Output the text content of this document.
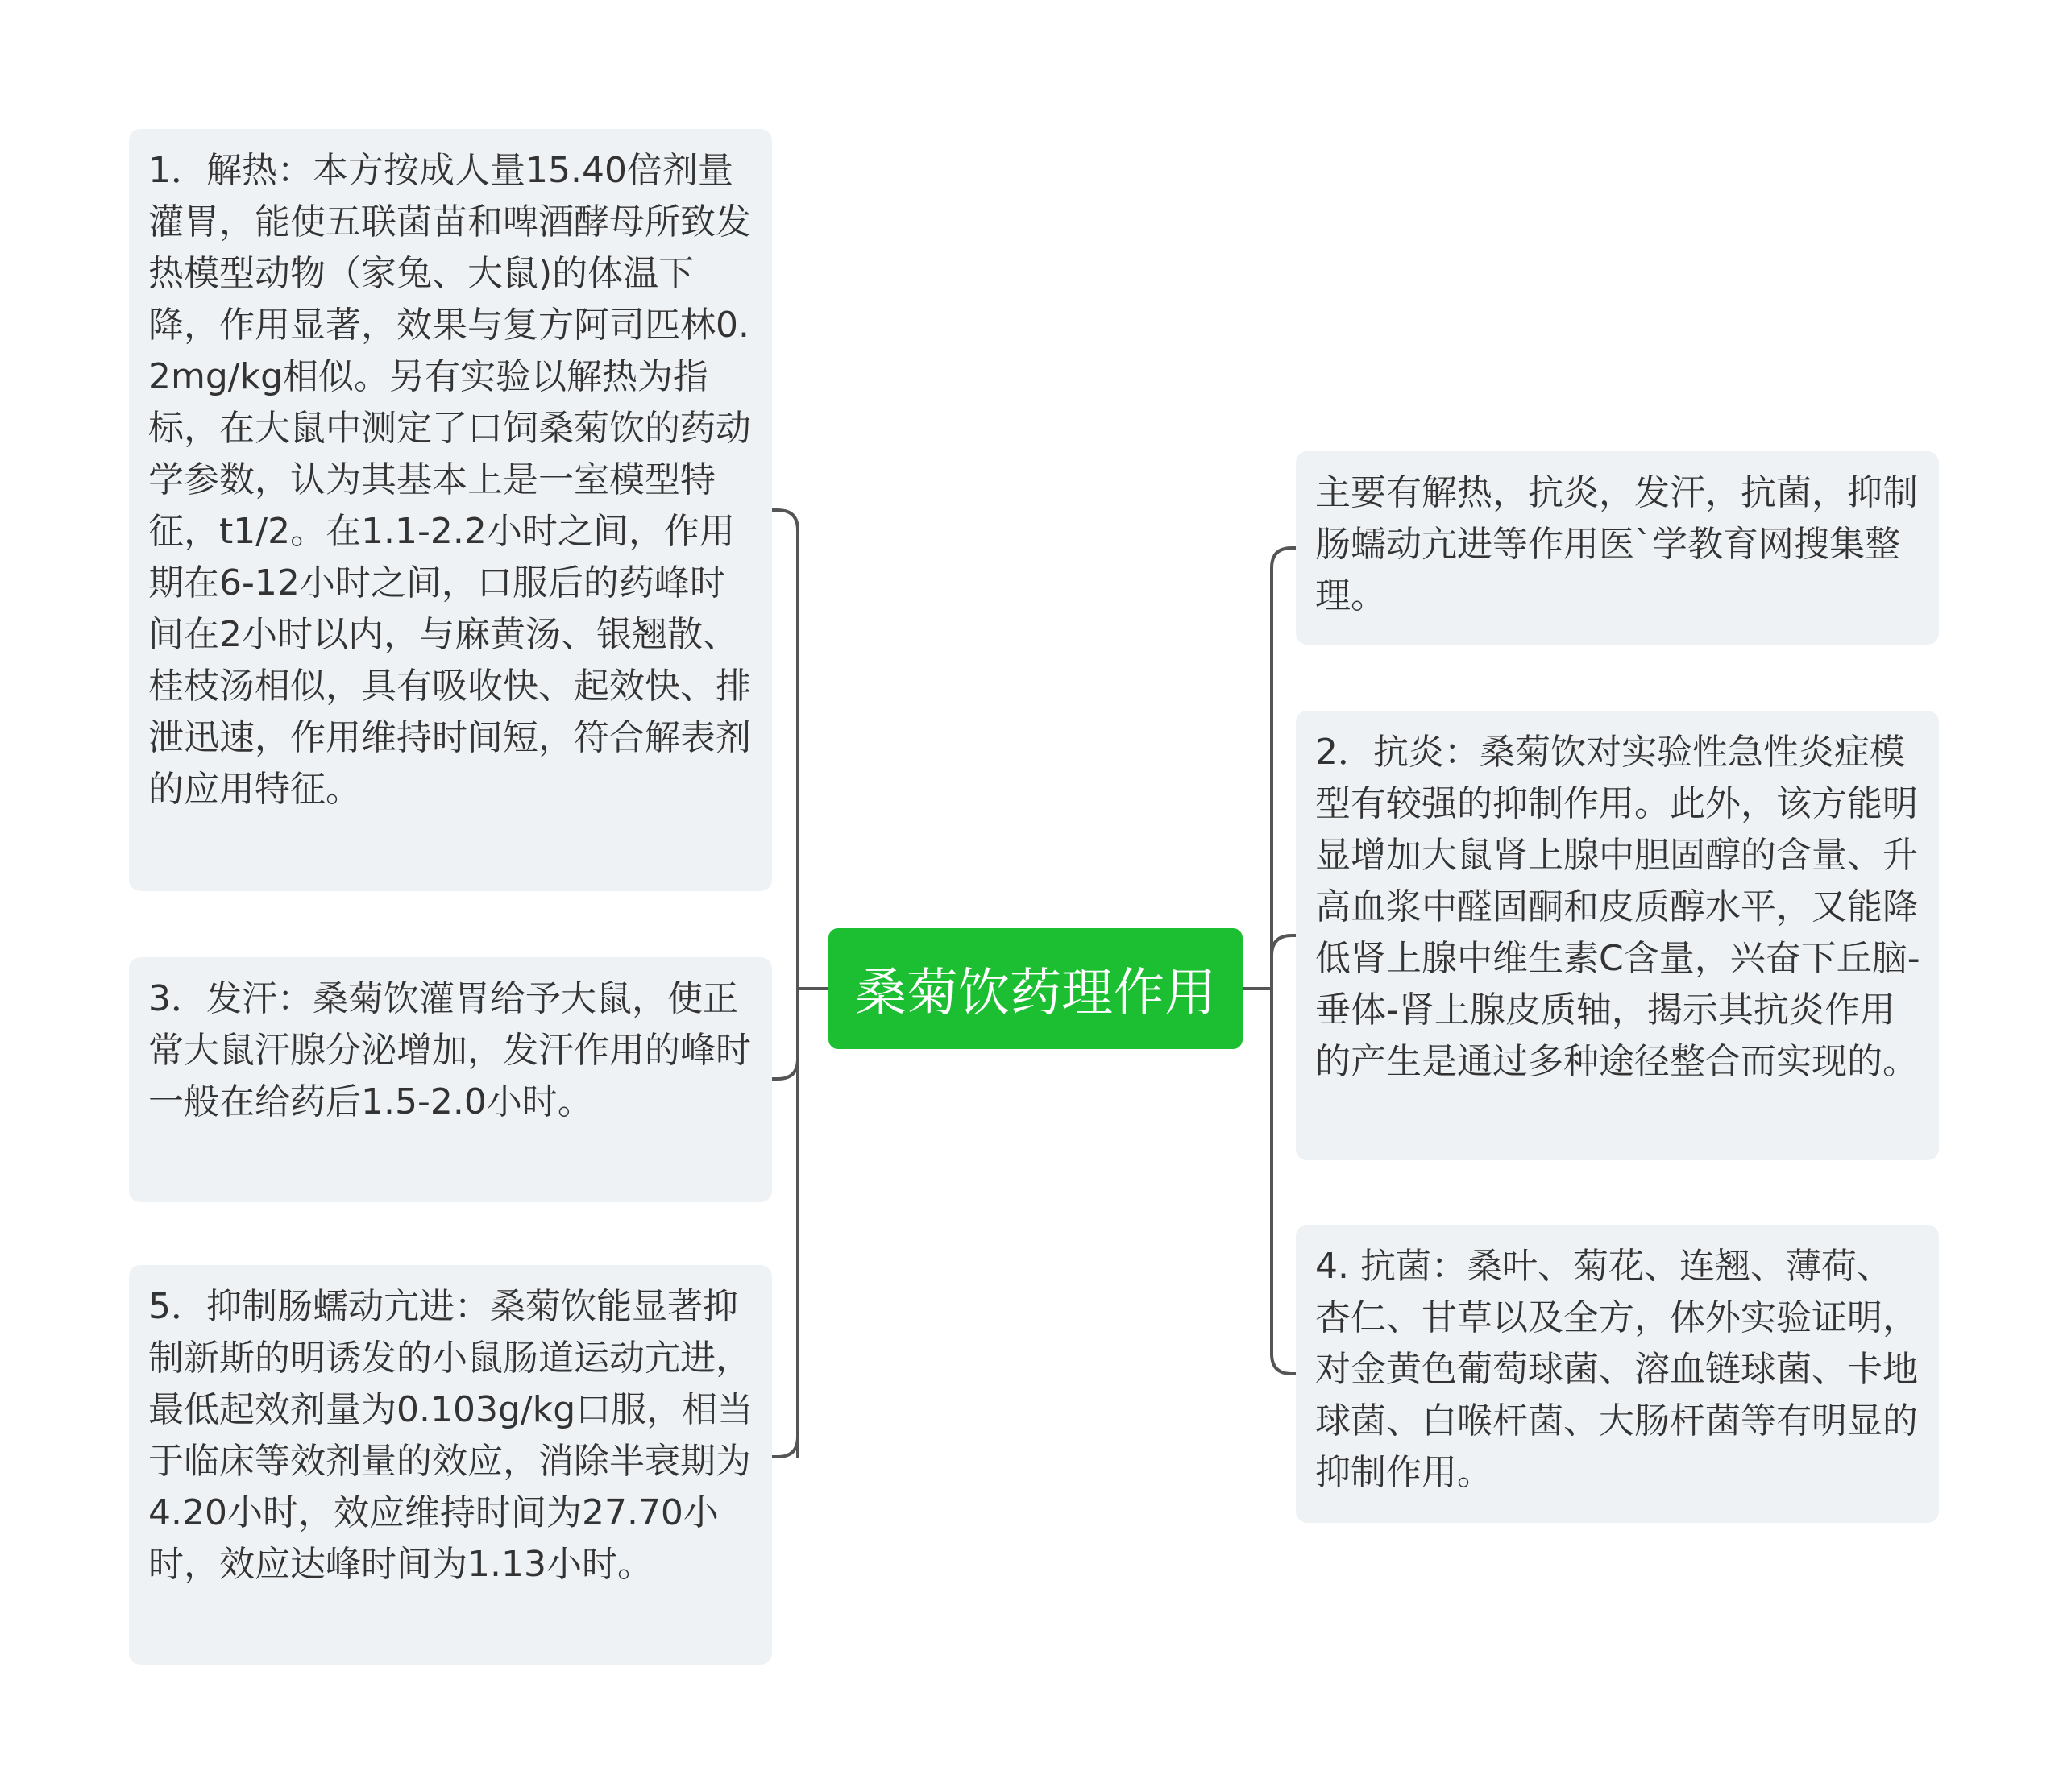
1．解热：本方按成人量15.40倍剂量灌胃，能使五联菌苗和啤酒酵母所致发热模型动物（家兔、大鼠)的体温下降，作用显著，效果与复方阿司匹林0.2mg/kg相似。另有实验以解热为指标，在大鼠中测定了口饲桑菊饮的药动学参数，认为其基本上是一室模型特征，t1/2。在1.1-2.2小时之间，作用期在6-12小时之间，口服后的药峰时间在2小时以内，与麻黄汤、银翘散、桂枝汤相似，具有吸收快、起效快、排泄迅速，作用维持时间短，符合解表剂的应用特征。
3．发汗：桑菊饮灌胃给予大鼠，使正常大鼠汗腺分泌增加，发汗作用的峰时一般在给药后1.5-2.0小时。
5．抑制肠蠕动亢进：桑菊饮能显著抑制新斯的明诱发的小鼠肠道运动亢进，最低起效剂量为0.103g/kg口服，相当于临床等效剂量的效应，消除半衰期为4.20小时，效应维持时间为27.70小时，效应达峰时间为1.13小时。
桑菊饮药理作用
主要有解热，抗炎，发汗，抗菌，抑制肠蠕动亢进等作用医`学教育网搜集整理。
2．抗炎：桑菊饮对实验性急性炎症模型有较强的抑制作用。此外，该方能明显增加大鼠肾上腺中胆固醇的含量、升高血浆中醛固酮和皮质醇水平，又能降低肾上腺中维生素C含量，兴奋下丘脑-垂体-肾上腺皮质轴，揭示其抗炎作用的产生是通过多种途径整合而实现的。
4. 抗菌：桑叶、菊花、连翘、薄荷、杏仁、甘草以及全方，体外实验证明，对金黄色葡萄球菌、溶血链球菌、卡地球菌、白喉杆菌、大肠杆菌等有明显的抑制作用。
